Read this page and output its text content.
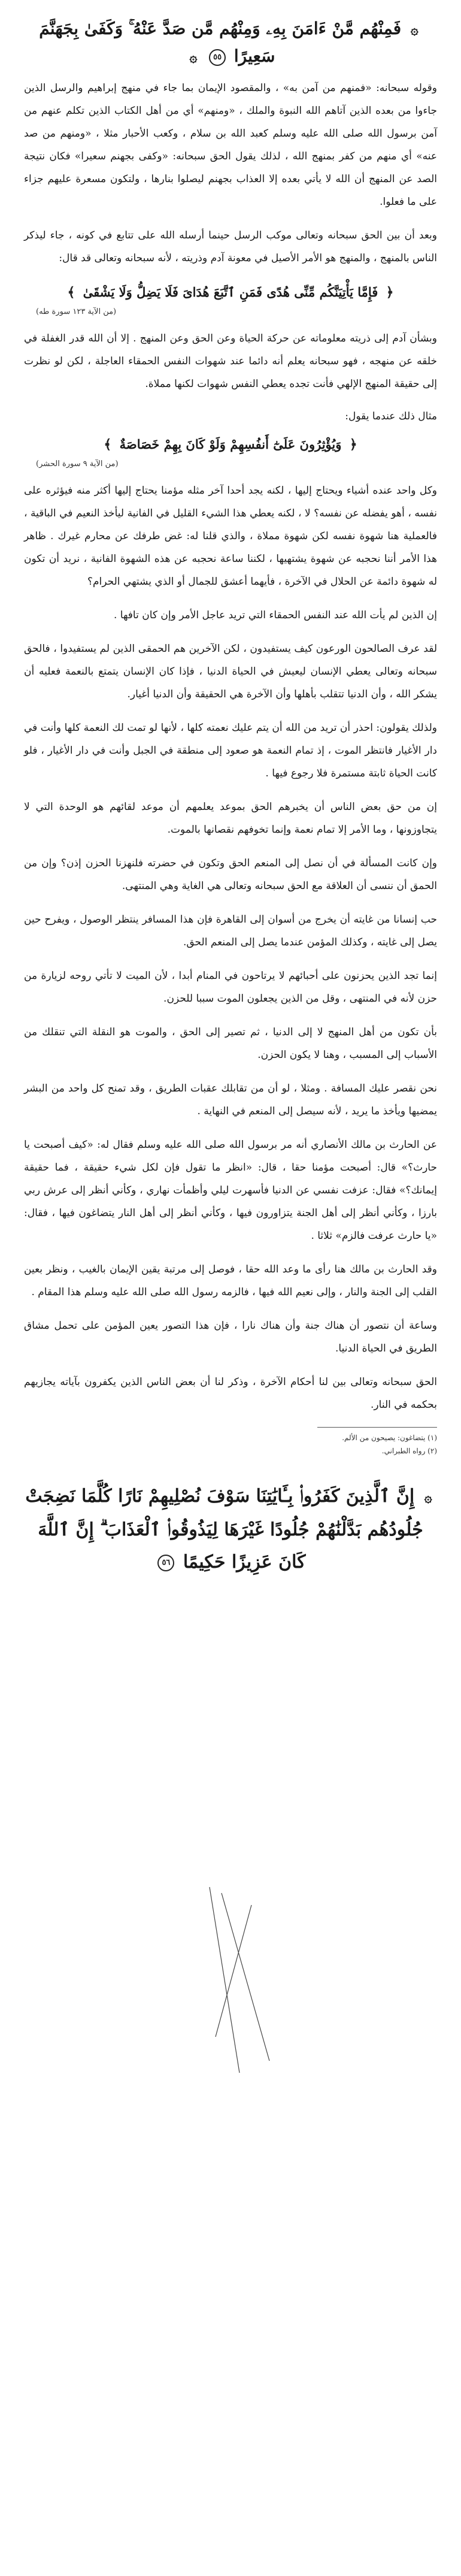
۞ فَمِنْهُم مَّنْ ءَامَنَ بِهِۦ وَمِنْهُم مَّن صَدَّ عَنْهُ ۚ وَكَفَىٰ بِجَهَنَّمَ سَعِيرًا ٥٥ ۞

وقوله سبحانه: «فمنهم من آمن به» ، والمقصود الإيمان بما جاء في منهج إبراهيم والرسل الذين جاءوا من بعده الذين آتاهم الله النبوة والملك ، «ومنهم» أي من أهل الكتاب الذين تكلم عنهم من آمن برسول الله صلى الله عليه وسلم كعبد الله بن سلام ، وكعب الأحبار مثلا ، «ومنهم من صد عنه» أي منهم من كفر بمنهج الله ، لذلك يقول الحق سبحانه: «وكفى بجهنم سعيرا» فكان نتيجة الصد عن المنهج أن الله لا يأتي بعده إلا العذاب بجهنم ليصلوا بنارها ، ولتكون مسعرة عليهم جزاء على ما فعلوا.

وبعد أن بين الحق سبحانه وتعالى موكب الرسل حينما أرسله الله على تتابع في كونه ، جاء ليذكر الناس بالمنهج ، والمنهج هو الأمر الأصيل في معونة آدم وذريته ، لأنه سبحانه وتعالى قد قال:

﴿ فَإِمَّا يَأْتِيَنَّكُم مِّنِّى هُدًى فَمَنِ ٱتَّبَعَ هُدَاىَ فَلَا يَضِلُّ وَلَا يَشْقَىٰ ﴾
(من الآية ١٢٣ سورة طه)

وبشأن آدم إلى ذريته معلوماته عن حركة الحياة وعن الحق وعن المنهج . إلا أن الله قدر الغفلة في خلقه عن منهجه ، فهو سبحانه يعلم أنه دائما عند شهوات النفس الحمقاء العاجلة ، لكن لو نظرت إلى حقيقة المنهج الإلهي فأنت تجده يعطي النفس شهوات لكنها مملاة.

مثال ذلك عندما يقول:
﴿ وَيُؤْثِرُونَ عَلَىٰٓ أَنفُسِهِمْ وَلَوْ كَانَ بِهِمْ خَصَاصَةٌ ﴾
(من الآية ٩ سورة الحشر)

وكل واحد عنده أشياء ويحتاج إليها ، لكنه يجد أحدا آخر مثله مؤمنا يحتاج إليها أكثر منه فيؤثره على نفسه ، أهو يفضله عن نفسه؟ لا ، لكنه يعطي هذا الشيء القليل في الفانية ليأخذ النعيم في الباقية ، فالعملية هنا شهوة نفسه لكن شهوة مملاة ، والذي قلنا له: غض طرفك عن محارم غيرك . ظاهر هذا الأمر أننا نحجبه عن شهوة يشتهيها ، لكننا ساعة نحجبه عن هذه الشهوة الفانية ، نريد أن تكون له شهوة دائمة عن الحلال في الآخرة ، فأيهما أعشق للجمال أو الذي يشتهي الحرام؟

إن الذين لم يأت الله عند النفس الحمقاء التي تريد عاجل الأمر وإن كان تافها .

لقد عرف الصالحون الورعون كيف يستفيدون ، لكن الآخرين هم الحمقى الذين لم يستفيدوا ، فالحق سبحانه وتعالى يعطي الإنسان ليعيش في الحياة الدنيا ، فإذا كان الإنسان يتمتع بالنعمة فعليه أن يشكر الله ، وأن الدنيا تتقلب بأهلها وأن الآخرة هي الحقيقة وأن الدنيا أغيار.

ولذلك يقولون: احذر أن تريد من الله أن يتم عليك نعمته كلها ، لأنها لو تمت لك النعمة كلها وأنت في دار الأغيار فانتظر الموت ، إذ تمام النعمة هو صعود إلى منطقة في الجبل وأنت في دار الأغيار ، فلو كانت الحياة ثابتة مستمرة فلا رجوع فيها .

إن من حق بعض الناس أن يخبرهم الحق بموعد يعلمهم أن موعد لقائهم هو الوحدة التي لا يتجاوزونها ، وما الأمر إلا تمام نعمة وإنما تخوفهم نقصانها بالموت.

وإن كانت المسألة في أن نصل إلى المنعم الحق وتكون في حضرته فلنهزنا الحزن إذن؟ وإن من الحمق أن ننسى أن العلاقة مع الحق سبحانه وتعالى هي الغاية وهي المنتهى.

حب إنسانا من غايته أن يخرج من أسوان إلى القاهرة فإن هذا المسافر ينتظر الوصول ، ويفرح حين يصل إلى غايته ، وكذلك المؤمن عندما يصل إلى المنعم الحق.

إنما تجد الذين يحزنون على أحبائهم لا يرتاحون في المنام أبدا ، لأن الميت لا تأتي روحه لزيارة من حزن لأنه في المنتهى ، وقل من الذين يجعلون الموت سببا للحزن.

بأن تكون من أهل المنهج لا إلى الدنيا ، ثم تصير إلى الحق ، والموت هو النقلة التي تنقلك من الأسباب إلى المسبب ، وهنا لا يكون الحزن.

نحن نقصر عليك المسافة . ومثلا ، لو أن من تقابلك عقبات الطريق ، وقد تمنح كل واحد من البشر يمضيها ويأخذ ما يريد ، لأنه سيصل إلى المنعم في النهاية .

عن الحارث بن مالك الأنصاري أنه مر برسول الله صلى الله عليه وسلم فقال له: «كيف أصبحت يا حارث؟» قال: أصبحت مؤمنا حقا ، قال: «انظر ما تقول فإن لكل شيء حقيقة ، فما حقيقة إيمانك؟» فقال: عزفت نفسي عن الدنيا فأسهرت ليلي وأظمأت نهاري ، وكأني أنظر إلى عرش ربي بارزا ، وكأني أنظر إلى أهل الجنة يتزاورون فيها ، وكأني أنظر إلى أهل النار يتضاغون فيها ، فقال: «يا حارث عرفت فالزم» ثلاثا .

وقد الحارث بن مالك هنا رأى ما وعد الله حقا ، فوصل إلى مرتبة يقين الإيمان بالغيب ، ونظر بعين القلب إلى الجنة والنار ، وإلى نعيم الله فيها ، فالزمه رسول الله صلى الله عليه وسلم هذا المقام .

وساعة أن نتصور أن هناك جنة وأن هناك نارا ، فإن هذا التصور يعين المؤمن على تحمل مشاق الطريق في الحياة الدنيا.

الحق سبحانه وتعالى بين لنا أحكام الآخرة ، وذكر لنا أن بعض الناس الذين يكفرون بآياته يجازيهم بحكمه في النار.

(١) يتضاغون: يصيحون من الألم.
(٢) رواه الطبراني.
۞ إِنَّ ٱلَّذِينَ كَفَرُوا۟ بِـَٔايَٰتِنَا سَوْفَ نُصْلِيهِمْ نَارًا كُلَّمَا نَضِجَتْ جُلُودُهُم بَدَّلْنَٰهُمْ جُلُودًا غَيْرَهَا لِيَذُوقُوا۟ ٱلْعَذَابَ ۗ إِنَّ ٱللَّهَ كَانَ عَزِيزًا حَكِيمًا ٥٦
